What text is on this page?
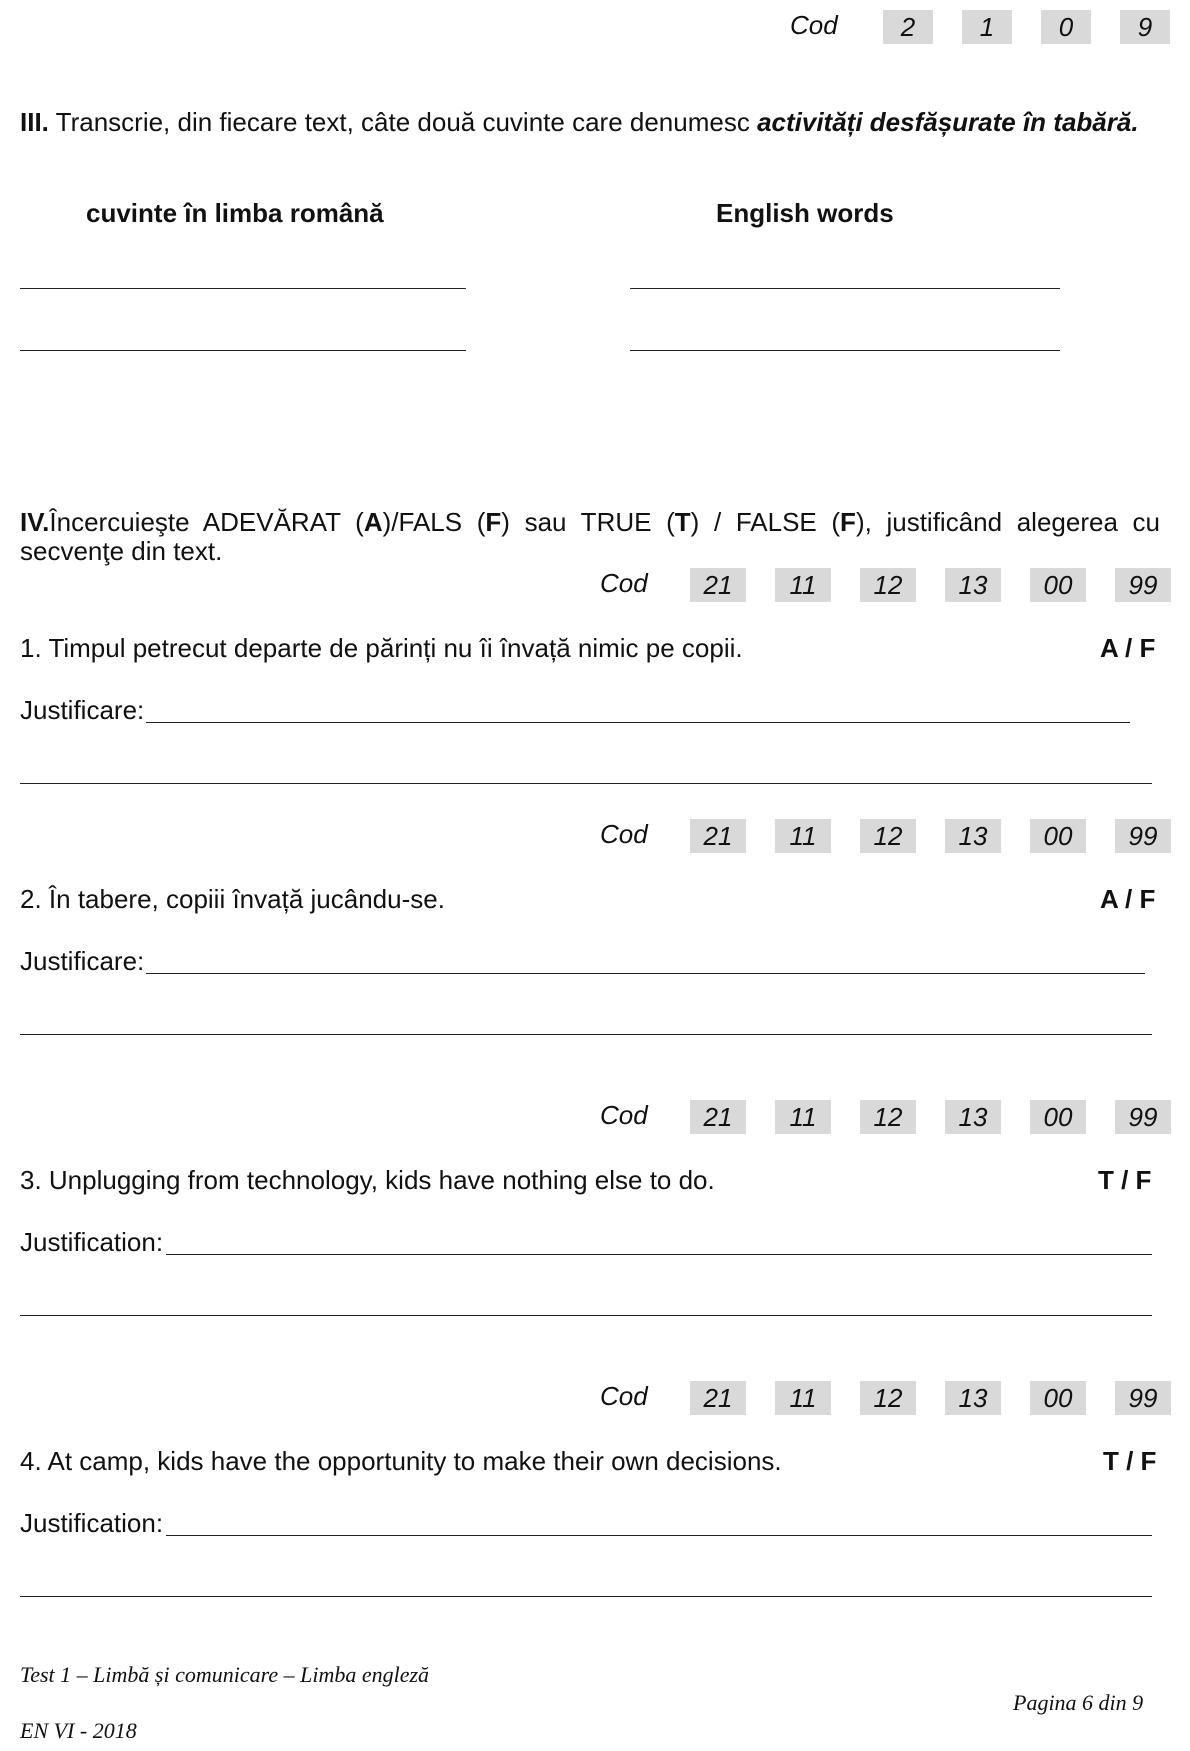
Cod	2	1	0	9
III. Transcrie, din fiecare text, câte două cuvinte care denumesc activități desfășurate în tabără.
cuvinte în limba română	English words
IV.Încercuieşte ADEVĂRAT (A)/FALS (F) sau TRUE (T) / FALSE (F), justificând alegerea cu
secvenţe din text.
Cod	21	11	12	13	00	99
1. Timpul petrecut departe de părinți nu îi învață nimic pe copii.	A / F
Justificare:
Cod	21	11	12	13	00	99
2. În tabere, copiii învață jucându-se.	A / F
Justificare:
Cod	21	11	12	13	00	99
3. Unplugging from technology, kids have nothing else to do.	T / F
Justification:
Cod	21	11	12	13	00	99
4. At camp, kids have the opportunity to make their own decisions.	T / F
Justification:
Test 1 – Limbă și comunicare – Limba engleză
EN VI - 2018
Pagina 6 din 9
